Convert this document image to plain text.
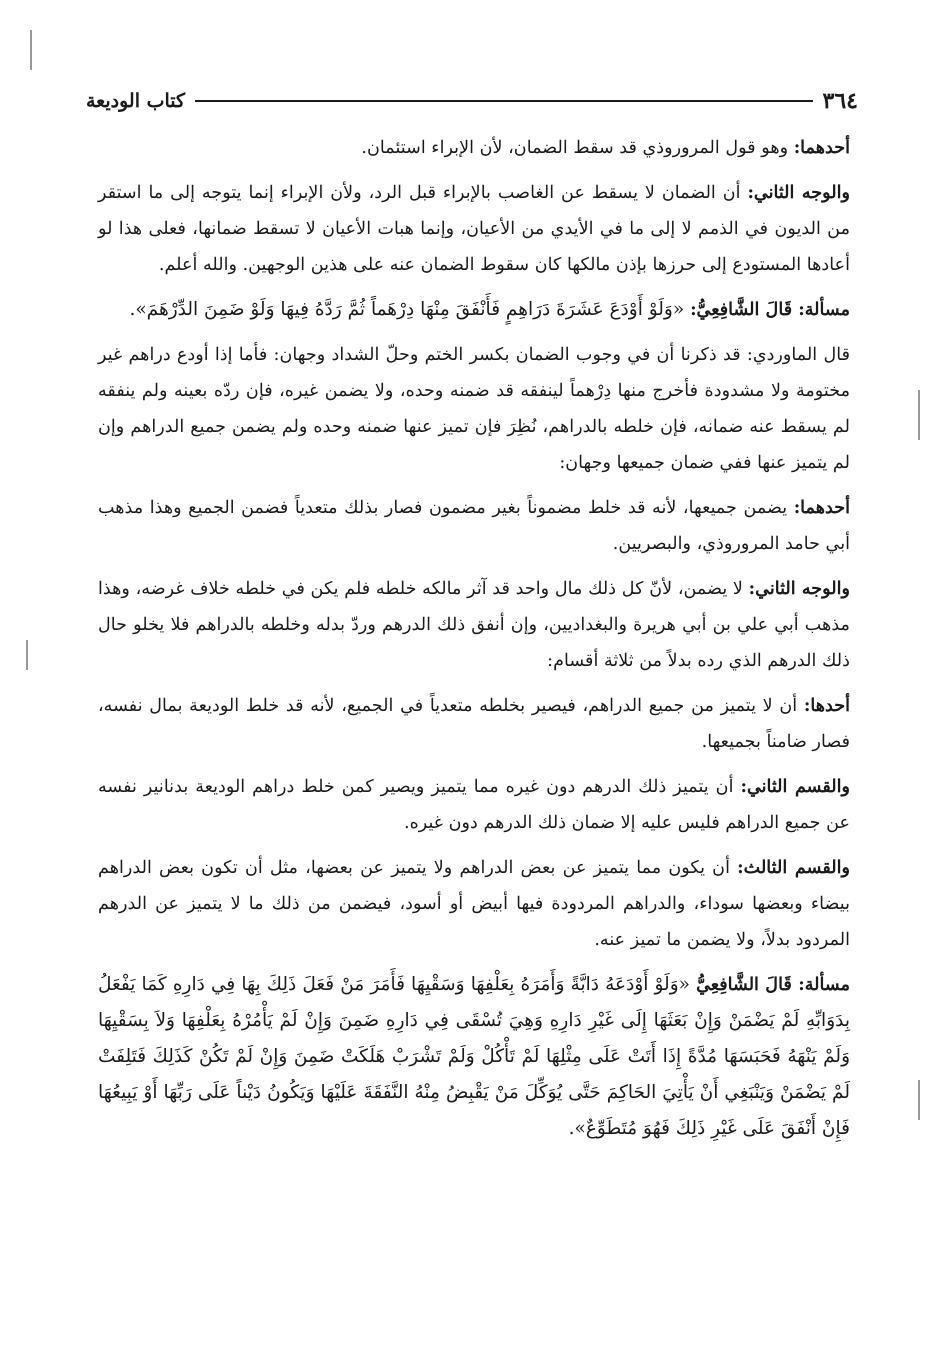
٣٦٤
كتاب الوديعة

أحدهما: وهو قول المروروذي قد سقط الضمان، لأن الإبراء استئمان.

والوجه الثاني: أن الضمان لا يسقط عن الغاصب بالإبراء قبل الرد، ولأن الإبراء إنما يتوجه إلى ما استقر من الديون في الذمم لا إلى ما في الأيدي من الأعيان، وإنما هبات الأعيان لا تسقط ضمانها، فعلى هذا لو أعادها المستودع إلى حرزها بإذن مالكها كان سقوط الضمان عنه على هذين الوجهين. والله أعلم.

مسألة: قَالَ الشَّافِعِيُّ: «وَلَوْ أَوْدَعَ عَشَرَةَ دَرَاهِمٍ فَأَنْفَقَ مِنْهَا دِرْهَماً ثُمَّ رَدَّهُ فِيهَا وَلَوْ ضَمِنَ الدِّرْهَمَ».

قال الماوردي: قد ذكرنا أن في وجوب الضمان بكسر الختم وحلّ الشداد وجهان: فأما إذا أودع دراهم غير مختومة ولا مشدودة فأخرج منها دِرْهماً لينفقه قد ضمنه وحده، ولا يضمن غيره، فإن ردّه بعينه ولم ينفقه لم يسقط عنه ضمانه، فإن خلطه بالدراهم، نُظِرَ فإن تميز عنها ضمنه وحده ولم يضمن جميع الدراهم وإن لم يتميز عنها ففي ضمان جميعها وجهان:

أحدهما: يضمن جميعها، لأنه قد خلط مضموناً بغير مضمون فصار بذلك متعدياً فضمن الجميع وهذا مذهب أبي حامد المروروذي، والبصريين.

والوجه الثاني: لا يضمن، لأنّ كل ذلك مال واحد قد آثر مالكه خلطه فلم يكن في خلطه خلاف غرضه، وهذا مذهب أبي علي بن أبي هريرة والبغداديين، وإن أنفق ذلك الدرهم وردّ بدله وخلطه بالدراهم فلا يخلو حال ذلك الدرهم الذي رده بدلاً من ثلاثة أقسام:

أحدها: أن لا يتميز من جميع الدراهم، فيصير بخلطه متعدياً في الجميع، لأنه قد خلط الوديعة بمال نفسه، فصار ضامناً بجميعها.

والقسم الثاني: أن يتميز ذلك الدرهم دون غيره مما يتميز ويصير كمن خلط دراهم الوديعة بدنانير نفسه عن جميع الدراهم فليس عليه إلا ضمان ذلك الدرهم دون غيره.

والقسم الثالث: أن يكون مما يتميز عن بعض الدراهم ولا يتميز عن بعضها، مثل أن تكون بعض الدراهم بيضاء وبعضها سوداء، والدراهم المردودة فيها أبيض أو أسود، فيضمن من ذلك ما لا يتميز عن الدرهم المردود بدلاً، ولا يضمن ما تميز عنه.

مسألة: قَالَ الشَّافِعِيُّ «وَلَوْ أَوْدَعَهُ دَابَّةً وَأَمَرَهُ بِعَلْفِهَا وَسَقْيِهَا فَأَمَرَ مَنْ فَعَلَ ذَلِكَ بِهَا فِي دَارِهِ كَمَا يَفْعَلُ بِدَوَابِّهِ لَمْ يَضْمَنْ وَإِنْ بَعَثَهَا إِلَى غَيْرِ دَارِهِ وَهِيَ تُسْقَى فِي دَارِهِ ضَمِنَ وَإِنْ لَمْ يَأْمُرْهُ بِعَلْفِهَا وَلاَ بِسَقْيِهَا وَلَمْ يَنْهَهُ فَحَبَسَهَا مُدَّةً إِذَا أَتَتْ عَلَى مِثْلِهَا لَمْ تَأْكُلْ وَلَمْ تَشْرَبْ هَلَكَتْ ضَمِنَ وَإِنْ لَمْ تَكُنْ كَذَلِكَ فَتَلِفَتْ لَمْ يَضْمَنْ وَيَنْبَغِي أَنْ يَأْتِيَ الحَاكِمَ حَتَّى يُوَكِّلَ مَنْ يَقْبِضُ مِنْهُ النَّفَقَةَ عَلَيْهَا وَيَكُونُ دَيْناً عَلَى رَبِّهَا أَوْ يَبِيعُهَا فَإِنْ أَنْفَقَ عَلَى غَيْرِ ذَلِكَ فَهُوَ مُتَطَوِّعٌ».
